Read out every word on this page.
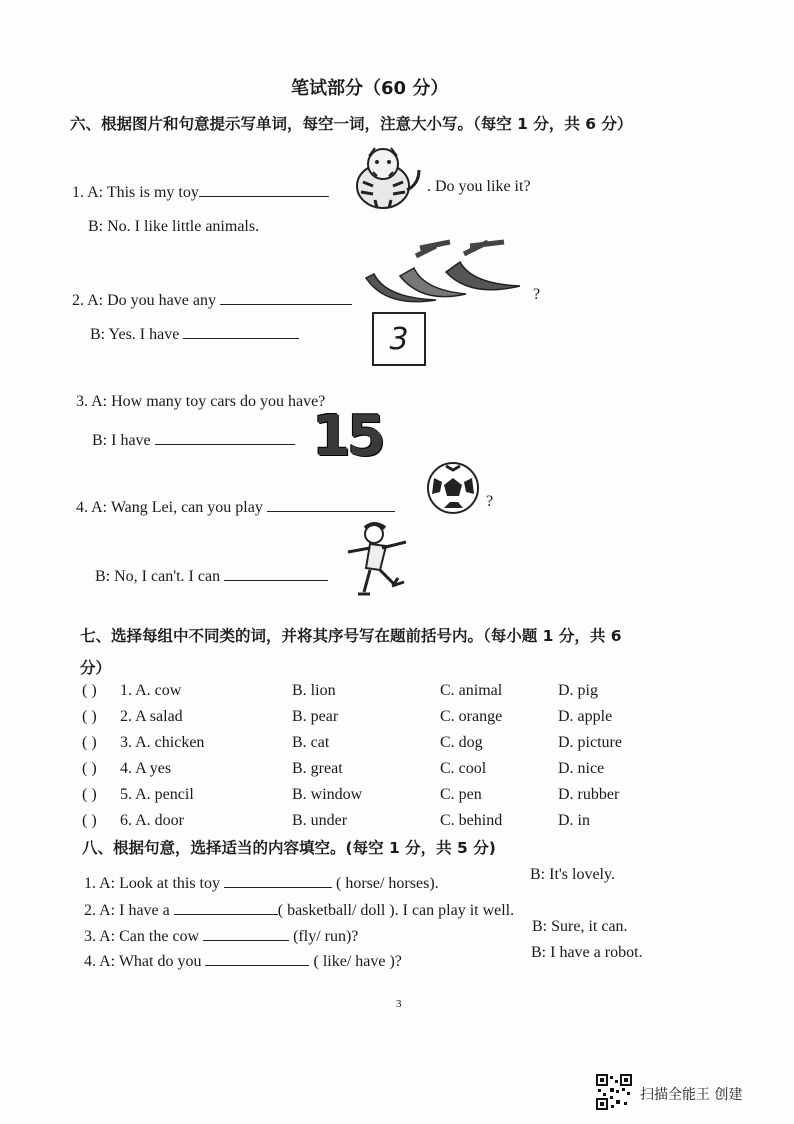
笔试部分（60 分）
六、根据图片和句意提示写单词，每空一词，注意大小写。（每空 1 分，共 6 分）
1. A: This is my toy	. Do you like it?
B: No. I like little animals.
2. A: Do you have any	?
B: Yes. I have	3
3. A: How many toy cars do you have?
B: I have	15
4. A: Wang Lei, can you play	?
B: No, I can't. I can
七、选择每组中不同类的词，并将其序号写在题前括号内。（每小题 1 分，共 6
分）
( ) 1. A. cow	B. lion	C. animal	D. pig
( ) 2. A salad	B. pear	C. orange	D. apple
( ) 3. A. chicken	B. cat	C. dog	D. picture
( ) 4. A yes	B. great	C. cool	D. nice
( ) 5. A. pencil	B. window	C. pen	D. rubber
( ) 6. A. door	B. under	C. behind	D. in
八、根据句意，选择适当的内容填空。(每空 1 分，共 5 分)
1. A: Look at this toy	( horse/ horses).
B: It's lovely.
2. A: I have a	( basketball/ doll ). I can play it well.
3. A: Can the cow	(fly/ run)?
B: Sure, it can.
4. A: What do you	( like/ have )?
B: I have a robot.
3
扫描全能王 创建
